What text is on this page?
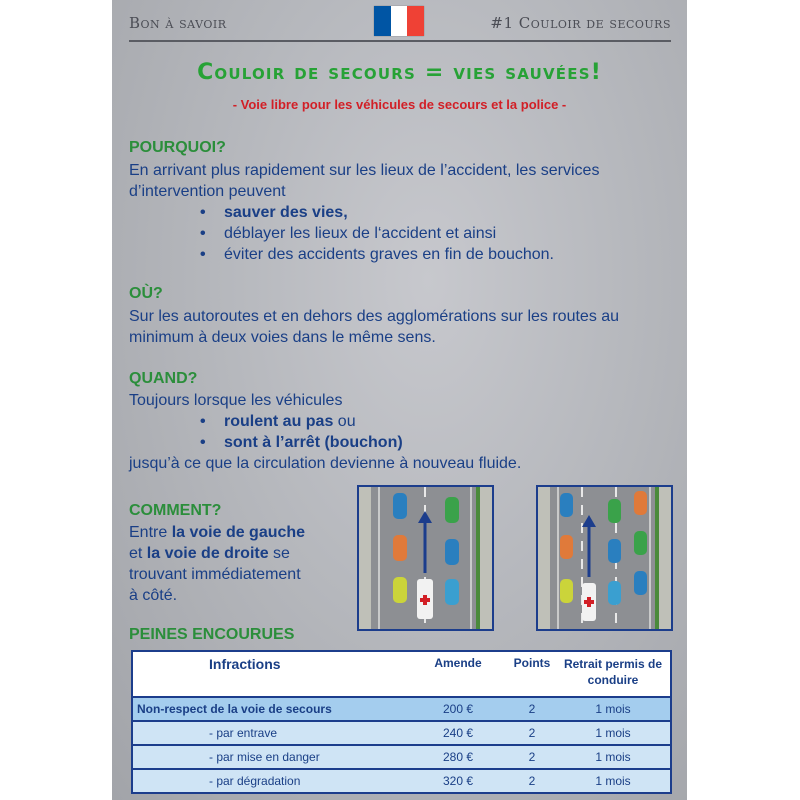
Bon à savoir	#1 Couloir de secours
Couloir de secours = vies sauvées!
- Voie libre pour les véhicules de secours et la police -
POURQUOI?
En arrivant plus rapidement sur les lieux de l’accident, les services d’intervention peuvent
• sauver des vies,
• déblayer les lieux de l‘accident et ainsi
• éviter des accidents graves en fin de bouchon.
OÙ?
Sur les autoroutes et en dehors des agglomérations sur les routes au minimum à deux voies dans le même sens.
QUAND?
Toujours lorsque les véhicules
• roulent au pas ou
• sont à l’arrêt (bouchon)
jusqu’à ce que la circulation devienne à nouveau fluide.
COMMENT?
Entre la voie de gauche
et la voie de droite se
trouvant immédiatement
à côté.
PEINES ENCOURUES
Infractions	Amende	Points	Retrait permis de conduire
Non-respect de la voie de secours	200 €	2	1 mois
- par entrave	240 €	2	1 mois
- par mise en danger	280 €	2	1 mois
- par dégradation	320 €	2	1 mois
